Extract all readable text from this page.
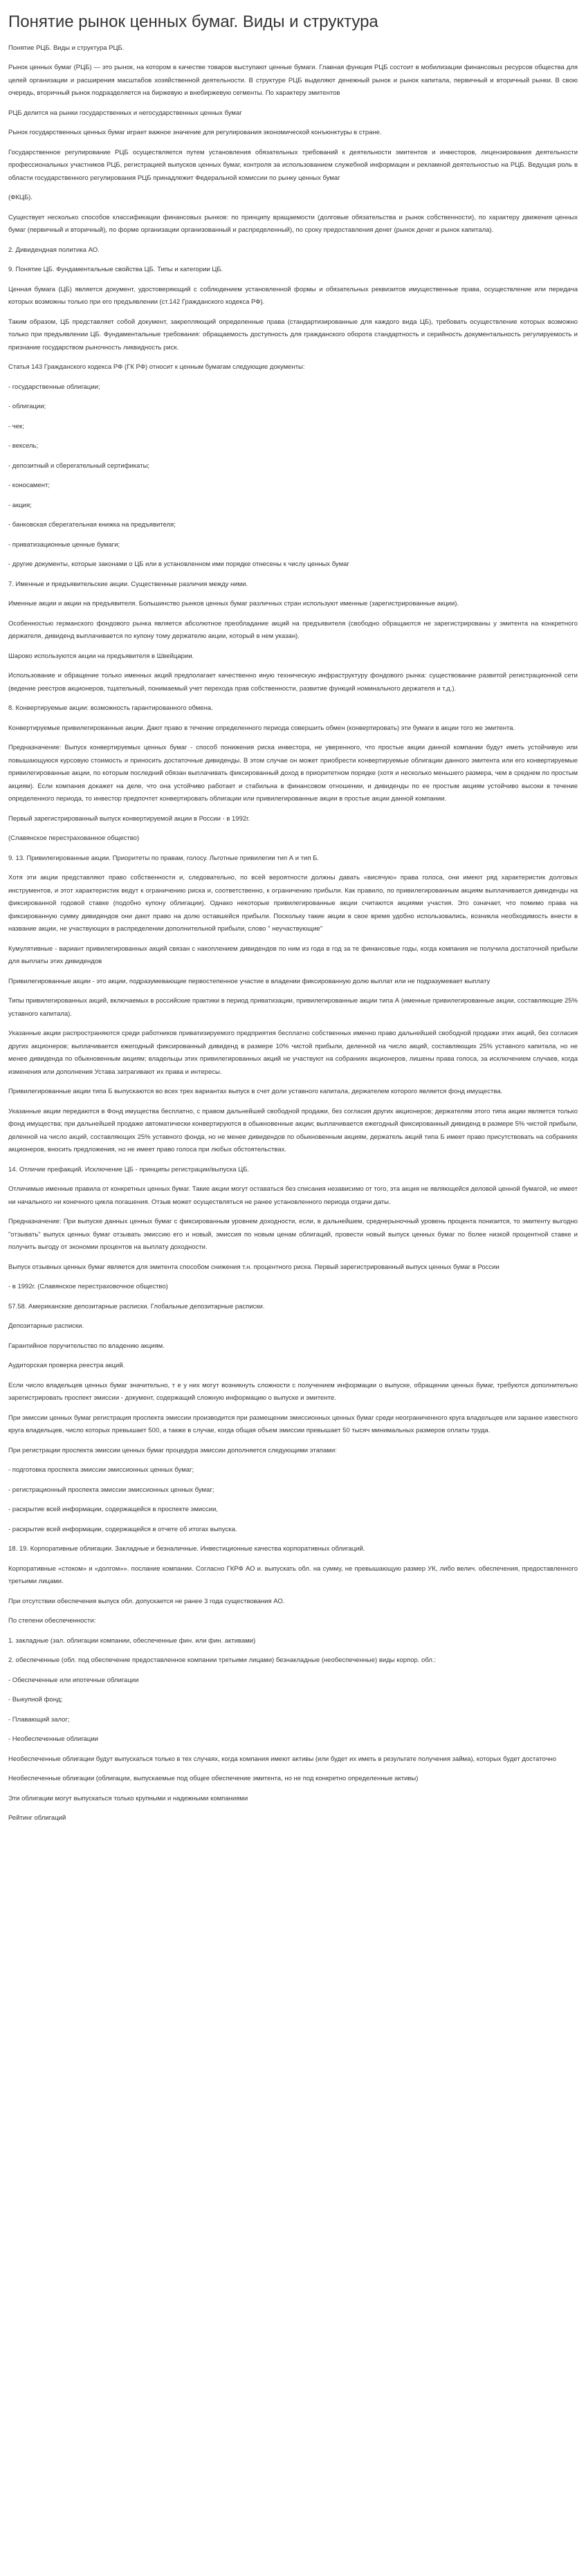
Понятие рынок ценных бумаг. Виды и структура

Понятие РЦБ. Виды и структура РЦБ.

Рынок ценных бумаг (РЦБ) — это рынок, на котором в качестве товаров выступают ценные бумаги. Главная функция РЦБ состоит в мобилизации финансовых ресурсов общества для целей организации и расширения масштабов хозяйственной деятельности. В структуре РЦБ выделяют денежный рынок и рынок капитала, первичный и вторичный рынки. В свою очередь, вторичный рынок подразделяется на биржевую и внебиржевую сегменты. По характеру эмитентов

РЦБ делится на рынки государственных и негосударственных ценных бумаг

Рынок государственных ценных бумаг играет важное значение для регулирования экономической конъюнктуры в стране.

Государственное регулирование РЦБ осуществляется путем установления обязательных требований к деятельности эмитентов и инвесторов, лицензирования деятельности профессиональных участников РЦБ, регистрацией выпусков ценных бумаг, контроля за использованием служебной информации и рекламной деятельностью на РЦБ. Ведущая роль в области государственного регулирования РЦБ принадлежит Федеральной комиссии по рынку ценных бумаг

(ФКЦБ).

Существует несколько способов классификации финансовых рынков: по принципу вращаемости (долговые обязательства и рынок собственности), по характеру движения ценных бумаг (первичный и вторичный), по форме организации организованный и распределенный), по сроку предоставления денег (рынок денег и рынок капитала).

2. Дивидендная политика АО.

9. Понятие ЦБ. Фундаментальные свойства ЦБ. Типы и категории ЦБ.

Ценная бумага (ЦБ) является документ, удостоверяющий с соблюдением установленной формы и обязательных реквизитов имущественные права, осуществление или передача которых возможны только при его предъявлении (ст.142 Гражданского кодекса РФ).

Таким образом, ЦБ представляет собой документ, закрепляющий определенные права (стандартизированные для каждого вида ЦБ), требовать осуществление которых возможно только при предъявлении ЦБ. Фундаментальные требования: обращаемость доступность для гражданского оборота стандартность и серийность документальность регулируемость и признание государством рыночность ликвидность риск.

Статья 143 Гражданского кодекса РФ (ГК РФ) относит к ценным бумагам следующие документы:

- государственные облигации;

- облигации;

- чек;

- вексель;

- депозитный и сберегательный сертификаты;

- коносамент;

- акция;

- банковская сберегательная книжка на предъявителя;

- приватизационные ценные бумаги;

- другие документы, которые законами о ЦБ или в установленном ими порядке отнесены к числу ценных бумаг

7. Именные и предъявительские акции. Существенные различия между ними.

Именные акции и акции на предъявителя. Большинство рынков ценных бумаг различных стран используют именные (зарегистрированные акции).

Особенностью германского фондового рынка является абсолютное преобладание акций на предъявителя (свободно обращаются не зарегистрированы у эмитента на конкретного держателя, дивиденд выплачивается по купону тому держателю акции, который в нем указан).

Шарово используются акции на предъявителя в Швейцарии.

Использование и обращение только именных акций предполагает качественно иную техническую инфраструктуру фондового рынка: существование развитой регистрационной сети (ведение реестров акционеров, тщательный, понимаемый учет перехода прав собственности, развитие функций номинального держателя и т.д.).

8. Конвертируемые акции: возможность гарантированного обмена.

Конвертируемые привилегированные акции. Дают право в течение определенного периода совершить обмен (конвертировать) эти бумаги в акции того же эмитента.

Предназначение: Выпуск конвертируемых ценных бумаг - способ понижения риска инвестора, не уверенного, что простые акции данной компании будут иметь устойчивую или повышающуюся курсовую стоимость и приносить достаточные дивиденды. В этом случае он может приобрести конвертируемые облигации данного эмитента или его конвертируемые привилегированные акции, по которым последний обязан выплачивать фиксированный доход в приоритетном порядке (хотя и несколько меньшего размера, чем в среднем по простым акциям). Если компания докажет на деле, что она устойчиво работает и стабильна в финансовом отношении, и дивиденды по ее простым акциям устойчиво высоки в течение определенного периода, то инвестор предпочтет конвертировать облигации или привилегированные акции в простые акции данной компании.

Первый зарегистрированный выпуск конвертируемой акции в России - в 1992г.

(Славянское перестрахованное общество)

9. 13. Привилегированные акции. Приоритеты по правам, голосу. Льготные привилегии тип А и тип Б.

Хотя эти акции представляют право собственности и, следовательно, по всей вероятности должны давать «висячую» права голоса, они имеют ряд характеристик долговых инструментов, и этот характеристик ведут к ограничению риска и, соответственно, к ограничению прибыли. Как правило, по привилегированным акциям выплачивается дивиденды на фиксированной годовой ставке (подобно купону облигации). Однако некоторые привилегированные акции считаются акциями участия. Это означает, что помимо права на фиксированную сумму дивидендов они дают право на долю оставшейся прибыли. Поскольку такие акции в свое время удобно использовались, возникла необходимость внести в название акции, не участвующих в распределении дополнительной прибыли, слово " неучаствующие"

Кумулятивные - вариант привилегированных акций связан с накоплением дивидендов по ним из года в год за те финансовые годы, когда компания не получила достаточной прибыли для выплаты этих дивидендов

Привилегированные акции - это акции, подразумевающие первостепенное участие в владении фиксированную долю выплат или не подразумевает выплату

Типы привилегированных акций, включаемых в российские практики в период приватизации, привилегированные акции типа А (именные привилегированные акции, составляющие 25% уставного капитала).

Указанные акции распространяются среди работников приватизируемого предприятия бесплатно собственных именно право дальнейшей свободной продажи этих акций, без согласия других акционеров; выплачивается ежегодный фиксированный дивиденд в размере 10% чистой прибыли, деленной на число акций, составляющих 25% уставного капитала, но не менее дивиденда по обыкновенным акциям; владельцы этих привилегированных акций не участвуют на собраниях акционеров, лишены права голоса, за исключением случаев, когда изменения или дополнения Устава затрагивают их права и интересы.

Привилегированные акции типа Б выпускаются во всех трех вариантах выпуск в счет доли уставного капитала, держателем которого является фонд имущества.

Указанные акции передаются в Фонд имущества бесплатно, с правом дальнейшей свободной продажи, без согласия других акционеров; держателям этого типа акции является только фонд имущества; при дальнейшей продаже автоматически конвертируются в обыкновенные акции; выплачивается ежегодный фиксированный дивиденд в размере 5% чистой прибыли, деленной на число акций, составляющих 25% уставного фонда, но не менее дивидендов по обыкновенным акциям, держатель акций типа Б имеет право присутствовать на собраниях акционеров, вносить предложения, но не имеет право голоса при любых обстоятельствах.

14. Отличие префакций. Исключение ЦБ - принципы регистрации/выпуска ЦБ.

Отличимые именные правила от конкретных ценных бумаг. Такие акции могут оставаться без списания независимо от того, эта акция не являющейся деловой ценной бумагой, не имеет ни начального ни конечного цикла погашения. Отзыв может осуществляться не ранее установленного периода отдачи даты.

Предназначение: При выпуске данных ценных бумаг с фиксированным уровнем доходности, если, в дальнейшем, среднерыночный уровень процента понизится, то эмитенту выгодно "отзывать" выпуск ценных бумаг отзывать эмиссию его и новый, эмиссия по новым ценам облигаций, провести новый выпуск ценных бумаг по более низкой процентной ставке и получить выгоду от экономии процентов на выплату доходности.

Выпуск отзывных ценных бумаг является для эмитента способом снижения т.н. процентного риска. Первый зарегистрированный выпуск ценных бумаг в России

- в 1992г. (Славянское перестраховочное общество)

57.58. Американские депозитарные расписки. Глобальные депозитарные расписки.

Депозитарные расписки.

Гарантийное поручительство по владению акциям.

Аудиторская проверка реестра акций.

Если число владельцев ценных бумаг значительно, т е у них могут возникнуть сложности с получением информации о выпуске, обращении ценных бумаг, требуются дополнительно зарегистрировать проспект эмиссии - документ, содержащий сложную информацию о выпуске и эмитенте.

При эмиссии ценных бумаг регистрация проспекта эмиссии производится при размещении эмиссионных ценных бумаг среди неограниченного круга владельцев или заранее известного круга владельцев, число которых превышает 500, а также в случае, когда общая объем эмиссии превышает 50 тысяч минимальных размеров оплаты труда.

При регистрации проспекта эмиссии ценных бумаг процедура эмиссии дополняется следующими этапами:

- подготовка проспекта эмиссии эмиссионных ценных бумаг;

- регистрационный проспекта эмиссии эмиссионных ценных бумаг;

- раскрытие всей информации, содержащейся в проспекте эмиссии,

- раскрытие всей информации, содержащейся в отчете об итогах выпуска.

18. 19. Корпоративные облигации. Закладные и безналичные. Инвестиционные качества корпоративных облигаций.

Корпоративные «стоком» и «долгом»». послание компании. Согласно ГКРФ АО и. выпускать обл. на сумму, не превышающую размер УК, либо велич. обеспечения, предоставленного третьими лицами.

При отсутствии обеспечения выпуск обл. допускается не ранее 3 года существования АО.

По степени обеспеченности:

1. закладные (зал. облигации компании, обеспеченные фин. или фин. активами)

2. обеспеченные (обл. под обеспечение предоставленное компании третьими лицами) безнакладные (необеспеченные) виды корпор. обл.:

- Обеспеченные или ипотечные облигации

- Выкупной фонд;

- Плавающий залог;

- Необеспеченные облигации

Необеспеченные облигации будут выпускаться только в тех случаях, когда компания имеют активы (или будет их иметь в результате получения займа), которых будет достаточно

Необеспеченные облигации (облигации, выпускаемые под общее обеспечение эмитента, но не под конкретно определенные активы)

Эти облигации могут выпускаться только крупными и надежными компаниями

Рейтинг облигаций
